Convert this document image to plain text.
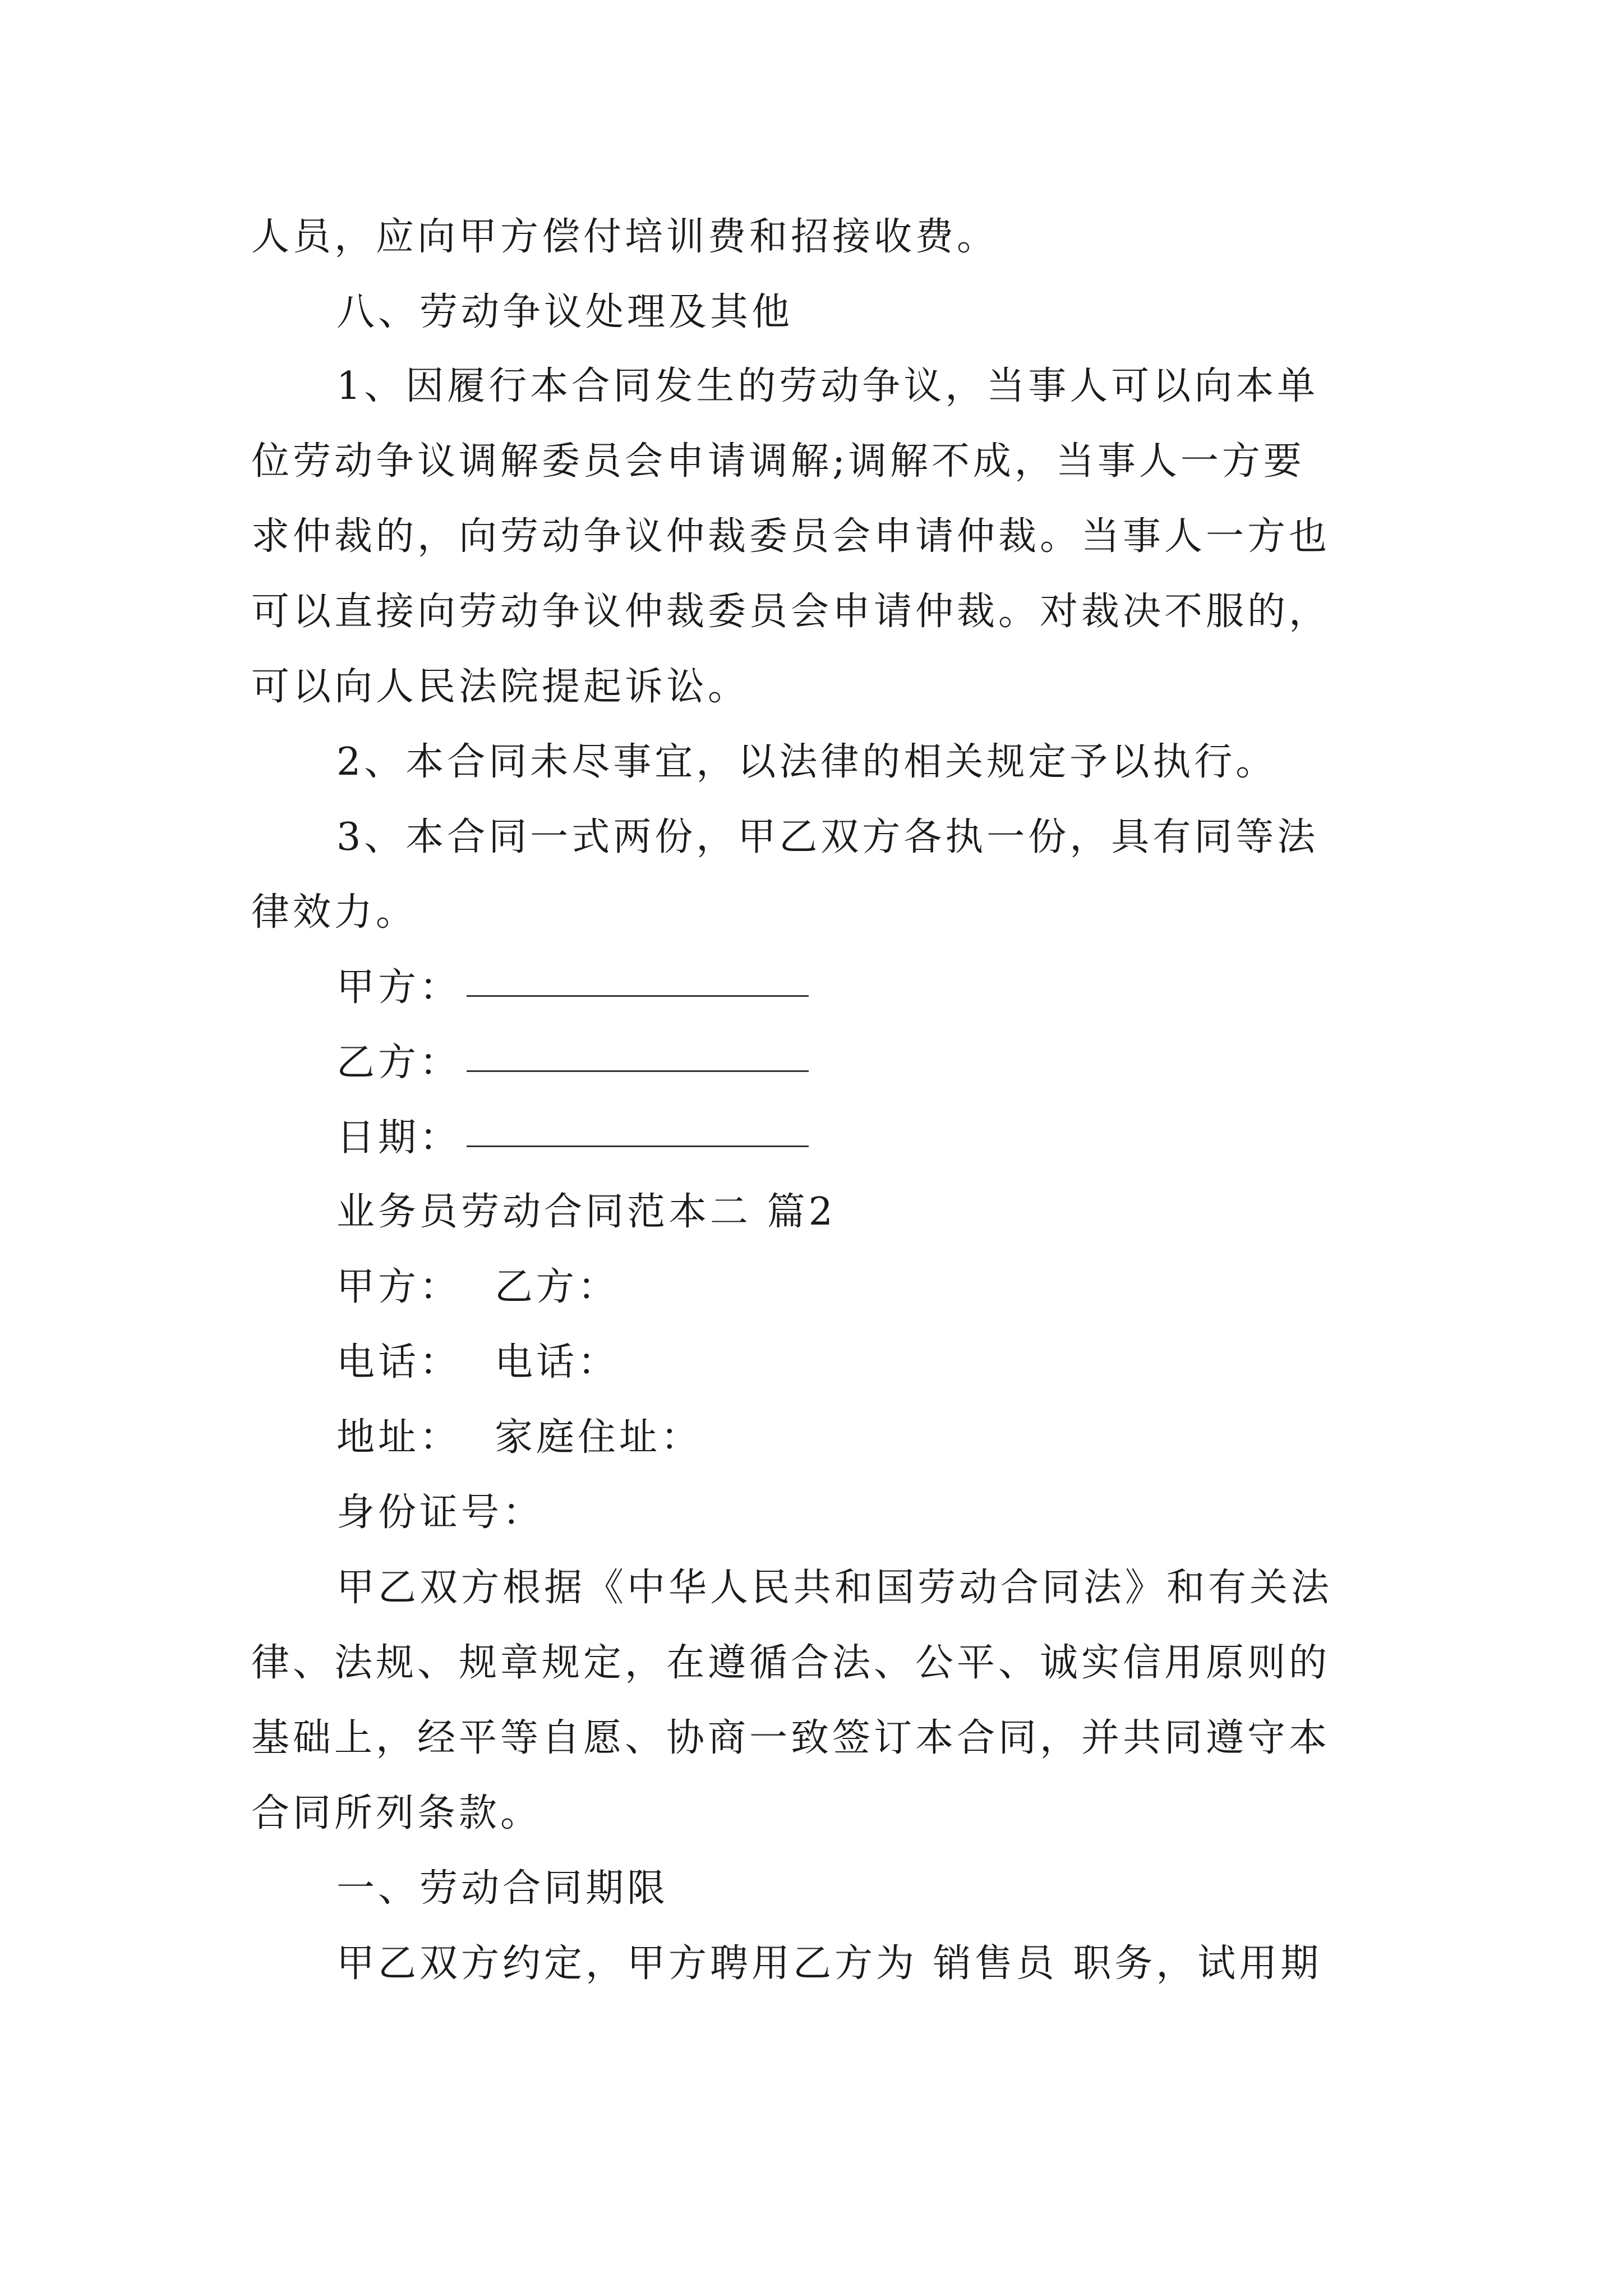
人员，应向甲方偿付培训费和招接收费。
八、劳动争议处理及其他
1、因履行本合同发生的劳动争议，当事人可以向本单
位劳动争议调解委员会申请调解;调解不成，当事人一方要
求仲裁的，向劳动争议仲裁委员会申请仲裁。当事人一方也
可以直接向劳动争议仲裁委员会申请仲裁。对裁决不服的，
可以向人民法院提起诉讼。
2、本合同未尽事宜，以法律的相关规定予以执行。
3、本合同一式两份，甲乙双方各执一份，具有同等法
律效力。
甲方：
乙方：
日期：
业务员劳动合同范本二 篇2
甲方： 乙方：
电话： 电话：
地址： 家庭住址：
身份证号：
甲乙双方根据《中华人民共和国劳动合同法》和有关法
律、法规、规章规定，在遵循合法、公平、诚实信用原则的
基础上，经平等自愿、协商一致签订本合同，并共同遵守本
合同所列条款。
一、劳动合同期限
甲乙双方约定，甲方聘用乙方为 销售员 职务，试用期
